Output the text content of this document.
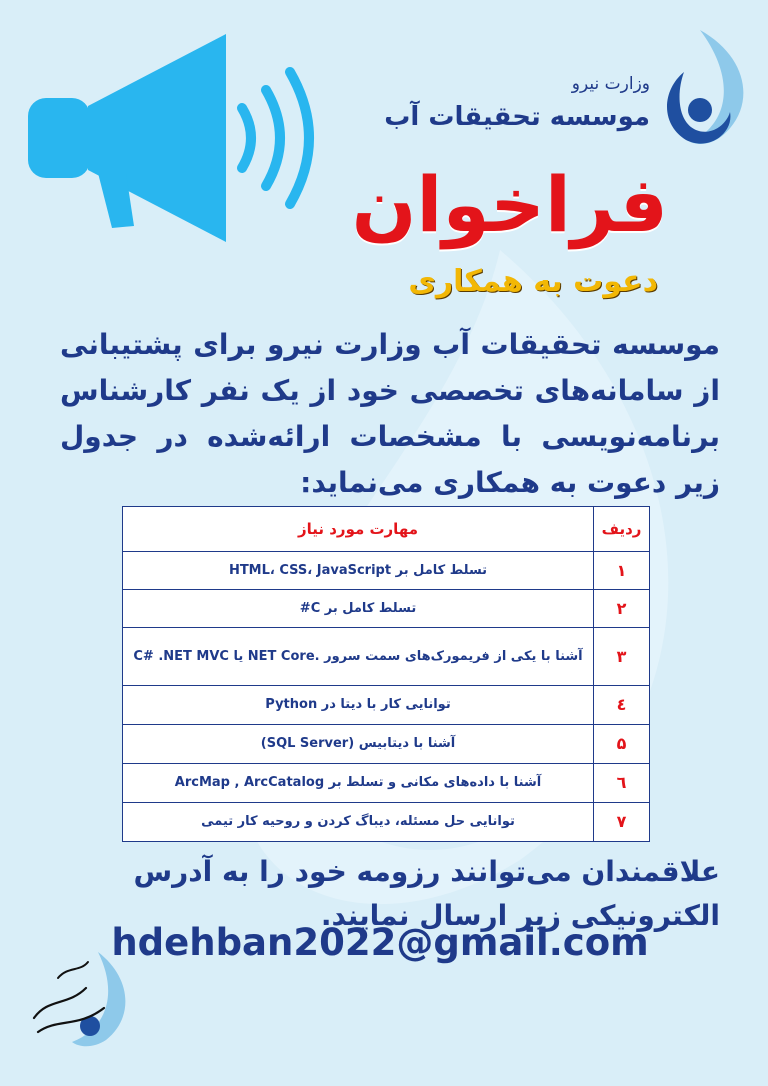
وزارت نیرو
موسسه تحقیقات آب
فراخوان
دعوت به همکاری
موسسه تحقیقات آب وزارت نیرو برای پشتیبانی از سامانه‌های تخصصی خود از یک نفر کارشناس برنامه‌نویسی با مشخصات ارائه‌شده در جدول زیر دعوت به همکاری می‌نماید:
ردیف	مهارت مورد نیاز
۱	تسلط کامل بر HTML، CSS، JavaScript
۲	تسلط کامل بر C#
۳	آشنا با یکی از فریمورک‌های سمت سرور .NET Core یا C# .NET MVC
٤	توانایی کار با دیتا در Python
۵	آشنا با دیتابیس (SQL Server)
٦	آشنا با داده‌های مکانی و تسلط بر ArcMap , ArcCatalog
۷	توانایی حل مسئله، دیباگ کردن و روحیه کار تیمی
علاقمندان می‌توانند رزومه خود را به آدرس الکترونیکی زیر ارسال نمایند.
hdehban2022@gmail.com
